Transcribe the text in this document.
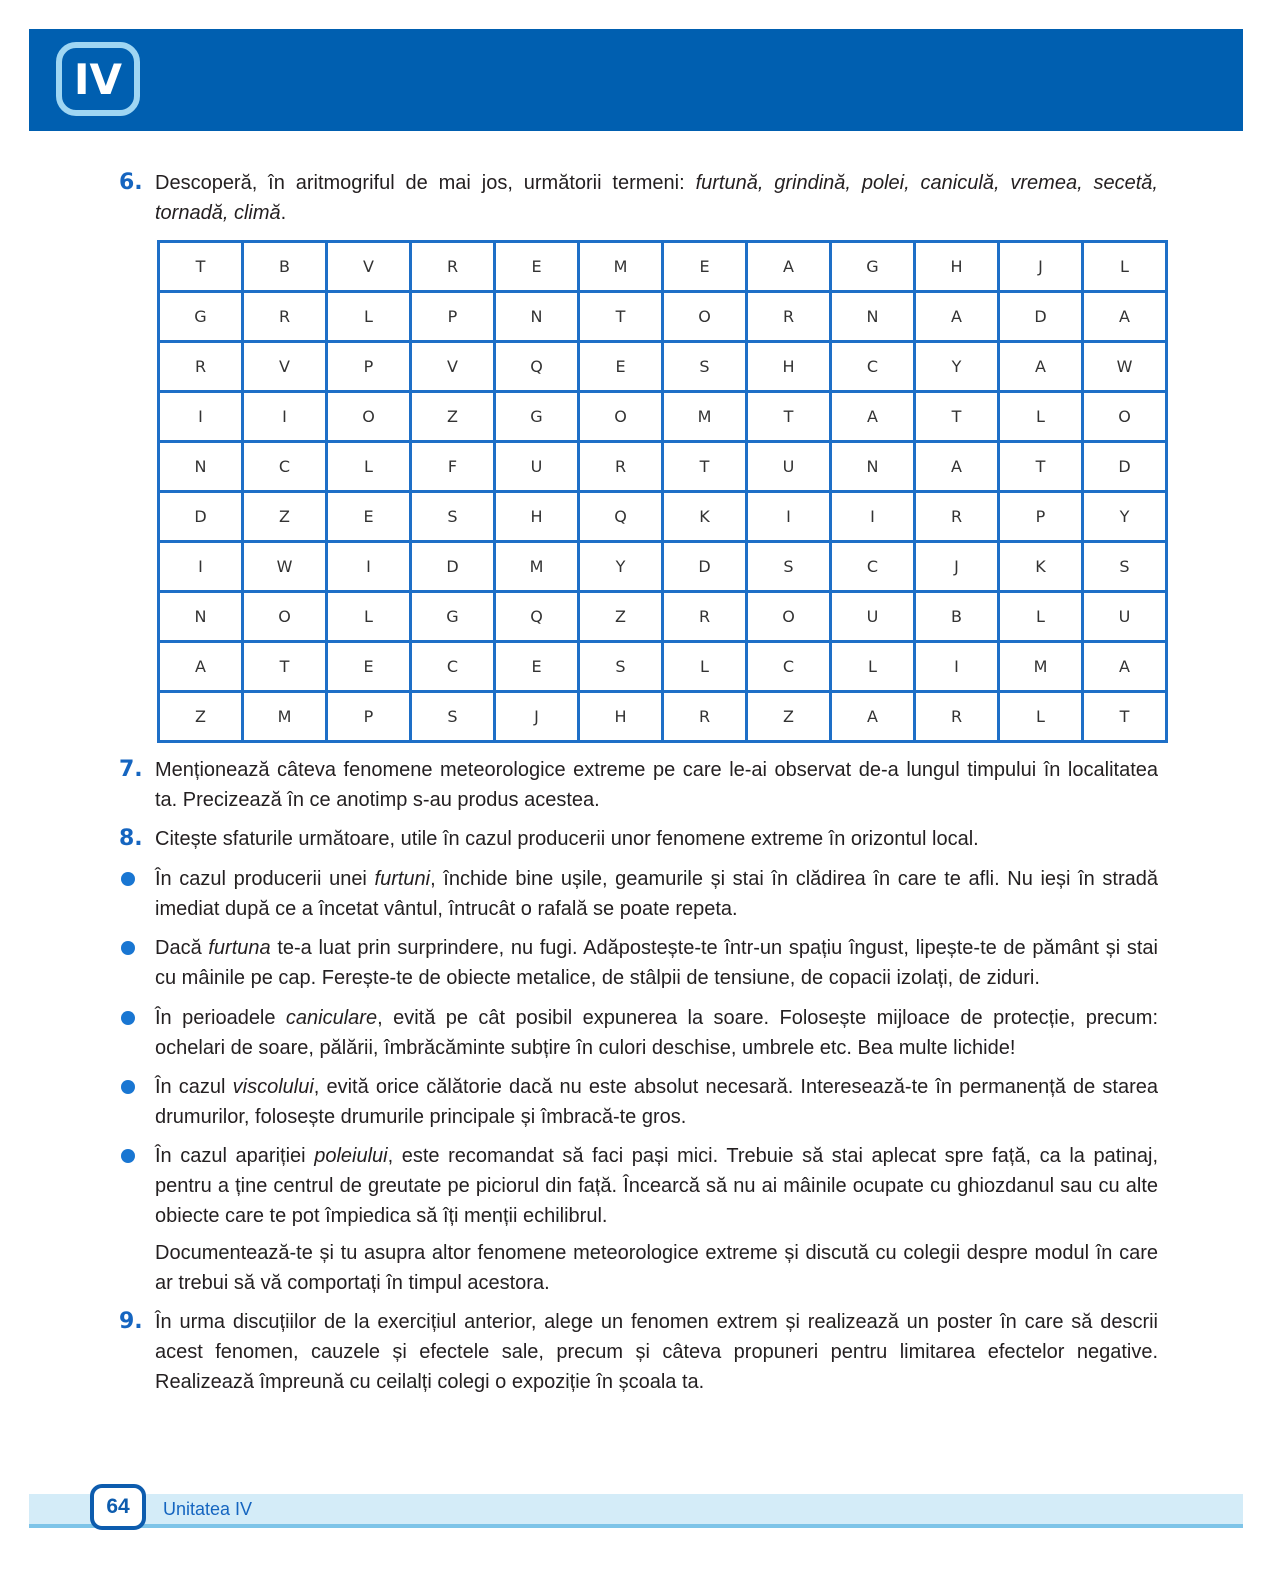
IV
6. Descoperă, în aritmogriful de mai jos, următorii termeni: furtună, grindină, polei, caniculă, vremea, secetă, tornadă, climă.
T	B	V	R	E	M	E	A	G	H	J	L
G	R	L	P	N	T	O	R	N	A	D	A
R	V	P	V	Q	E	S	H	C	Y	A	W
I	I	O	Z	G	O	M	T	A	T	L	O
N	C	L	F	U	R	T	U	N	A	T	D
D	Z	E	S	H	Q	K	I	I	R	P	Y
I	W	I	D	M	Y	D	S	C	J	K	S
N	O	L	G	Q	Z	R	O	U	B	L	U
A	T	E	C	E	S	L	C	L	I	M	A
Z	M	P	S	J	H	R	Z	A	R	L	T
7. Menționează câteva fenomene meteorologice extreme pe care le-ai observat de-a lungul timpului în localitatea ta. Precizează în ce anotimp s-au produs acestea.
8. Citește sfaturile următoare, utile în cazul producerii unor fenomene extreme în orizontul local.
În cazul producerii unei furtuni, închide bine ușile, geamurile și stai în clădirea în care te afli. Nu ieși în stradă imediat după ce a încetat vântul, întrucât o rafală se poate repeta.
Dacă furtuna te-a luat prin surprindere, nu fugi. Adăpostește-te într-un spațiu îngust, lipește-te de pământ și stai cu mâinile pe cap. Ferește-te de obiecte metalice, de stâlpii de tensiune, de copacii izolați, de ziduri.
În perioadele caniculare, evită pe cât posibil expunerea la soare. Folosește mijloace de protecție, precum: ochelari de soare, pălării, îmbrăcăminte subțire în culori deschise, umbrele etc. Bea multe lichide!
În cazul viscolului, evită orice călătorie dacă nu este absolut necesară. Interesează-te în permanență de starea drumurilor, folosește drumurile principale și îmbracă-te gros.
În cazul apariției poleiului, este recomandat să faci pași mici. Trebuie să stai aplecat spre față, ca la patinaj, pentru a ține centrul de greutate pe piciorul din față. Încearcă să nu ai mâinile ocupate cu ghiozdanul sau cu alte obiecte care te pot împiedica să îți menții echilibrul.
Documentează-te și tu asupra altor fenomene meteorologice extreme și discută cu colegii despre modul în care ar trebui să vă comportați în timpul acestora.
9. În urma discuțiilor de la exercițiul anterior, alege un fenomen extrem și realizează un poster în care să descrii acest fenomen, cauzele și efectele sale, precum și câteva propuneri pentru limitarea efectelor negative. Realizează împreună cu ceilalți colegi o expoziție în școala ta.
64	Unitatea IV
